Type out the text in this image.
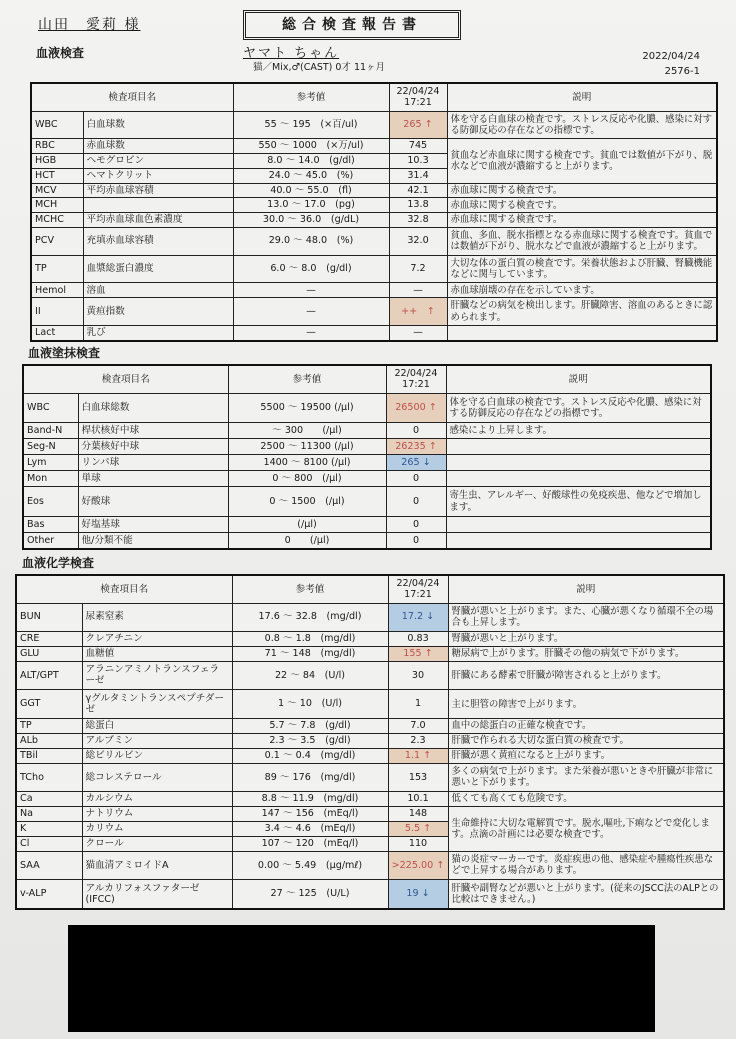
山田　愛莉 様	総合検査報告書
ヤマト ちゃん
猫／Mix,♂(CAST) 0才 11ヶ月
2022/04/24
2576-1
血液検査
検査項目名		参考値	22/04/24 17:21	説明
WBC	白血球数	55 ～ 195　(×百/ul)	265 ↑	体を守る白血球の検査です。ストレス反応や化膿、感染に対する防御反応の存在などの指標です。
RBC	赤血球数	550 ～ 1000　(×万/ul)	745	貧血など赤血球に関する検査です。貧血では数値が下がり、脱水などで血液が濃縮すると上がります。
HGB	ヘモグロビン	8.0 ～ 14.0　(g/dl)	10.3	
HCT	ヘマトクリット	24.0 ～ 45.0　(%)	31.4	
MCV	平均赤血球容積	40.0 ～ 55.0　(fl)	42.1	赤血球に関する検査です。
MCH		13.0 ～ 17.0　(pg)	13.8	赤血球に関する検査です。
MCHC	平均赤血球血色素濃度	30.0 ～ 36.0　(g/dL)	32.8	赤血球に関する検査です。
PCV	充填赤血球容積	29.0 ～ 48.0　(%)	32.0	貧血、多血、脱水指標となる赤血球に関する検査です。貧血では数値が下がり、脱水などで血液が濃縮すると上がります。
TP	血漿総蛋白濃度	6.0 ～ 8.0　(g/dl)	7.2	大切な体の蛋白質の検査です。栄養状態および肝臓、腎臓機能などに関与しています。
Hemol	溶血	—	—	赤血球崩壊の存在を示しています。
II	黄疸指数	—	++　↑	肝臓などの病気を検出します。肝臓障害、溶血のあるときに認められます。
Lact	乳び	—	—	
血液塗抹検査
検査項目名		参考値	22/04/24 17:21	説明
WBC	白血球総数	5500 ～ 19500 (/μl)	26500 ↑	体を守る白血球の検査です。ストレス反応や化膿、感染に対する防御反応の存在などの指標です。
Band-N	桿状核好中球	～ 300　　(/μl)	0	感染により上昇します。
Seg-N	分葉核好中球	2500 ～ 11300 (/μl)	26235 ↑	
Lym	リンパ球	1400 ～ 8100 (/μl)	265 ↓	
Mon	単球	0 ～ 800　(/μl)	0	
Eos	好酸球	0 ～ 1500　(/μl)	0	寄生虫、アレルギー、好酸球性の免疫疾患、他などで増加します。
Bas	好塩基球	(/μl)	0	
Other	他/分類不能	0　　(/μl)	0	
血液化学検査
検査項目名		参考値	22/04/24 17:21	説明
BUN	尿素窒素	17.6 ～ 32.8　(mg/dl)	17.2 ↓	腎臓が悪いと上がります。また、心臓が悪くなり循環不全の場合も上昇します。
CRE	クレアチニン	0.8 ～ 1.8　(mg/dl)	0.83	腎臓が悪いと上がります。
GLU	血糖値	71 ～ 148　(mg/dl)	155 ↑	糖尿病で上がります。肝臓その他の病気で下がります。
ALT/GPT	アラニンアミノトランスフェラーゼ	22 ～ 84　(U/l)	30	肝臓にある酵素で肝臓が障害されると上がります。
GGT	γグルタミントランスペプチダーゼ	1 ～ 10　(U/l)	1	主に胆管の障害で上がります。
TP	総蛋白	5.7 ～ 7.8　(g/dl)	7.0	血中の総蛋白の正確な検査です。
ALb	アルブミン	2.3 ～ 3.5　(g/dl)	2.3	肝臓で作られる大切な蛋白質の検査です。
TBil	総ビリルビン	0.1 ～ 0.4　(mg/dl)	1.1 ↑	肝臓が悪く黄疸になると上がります。
TCho	総コレステロール	89 ～ 176　(mg/dl)	153	多くの病気で上がります。また栄養が悪いときや肝臓が非常に悪いと下がります。
Ca	カルシウム	8.8 ～ 11.9　(mg/dl)	10.1	低くても高くても危険です。
Na	ナトリウム	147 ～ 156　(mEq/l)	148	生命維持に大切な電解質です。脱水,嘔吐,下痢などで変化します。点滴の計画には必要な検査です。
K	カリウム	3.4 ～ 4.6　(mEq/l)	5.5 ↑	
Cl	クロール	107 ～ 120　(mEq/l)	110	
SAA	猫血清アミロイドA	0.00 ～ 5.49　(μg/mℓ)	>225.00 ↑	猫の炎症マーカーです。炎症疾患の他、感染症や腫瘍性疾患などで上昇する場合があります。
v-ALP	アルカリフォスファターゼ(IFCC)	27 ～ 125　(U/L)	19 ↓	肝臓や副腎などが悪いと上がります。(従来のJSCC法のALPとの比較はできません。)
